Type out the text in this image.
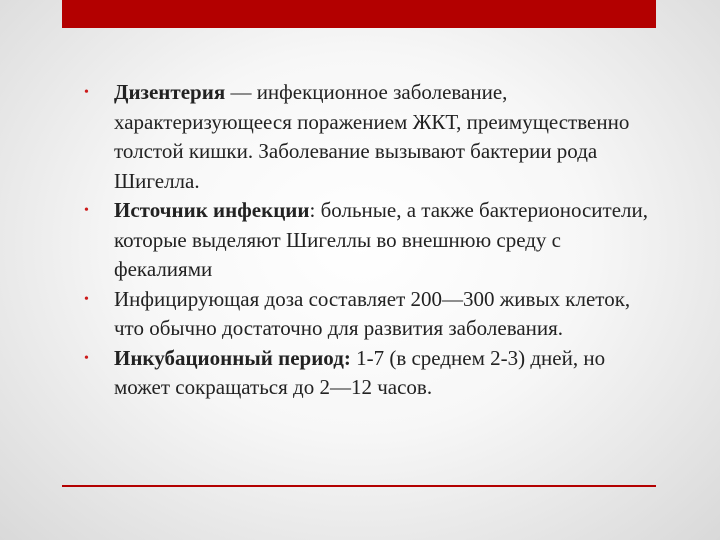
• Дизентерия — инфекционное заболевание, характеризующееся поражением ЖКТ, преимущественно толстой кишки. Заболевание вызывают бактерии рода Шигелла.
• Источник инфекции: больные, а также бактерионосители, которые выделяют Шигеллы во внешнюю среду с фекалиями
• Инфицирующая доза составляет 200—300 живых клеток, что обычно достаточно для развития заболевания.
• Инкубационный период: 1-7 (в среднем 2-3) дней, но может сокращаться до 2—12 часов.
